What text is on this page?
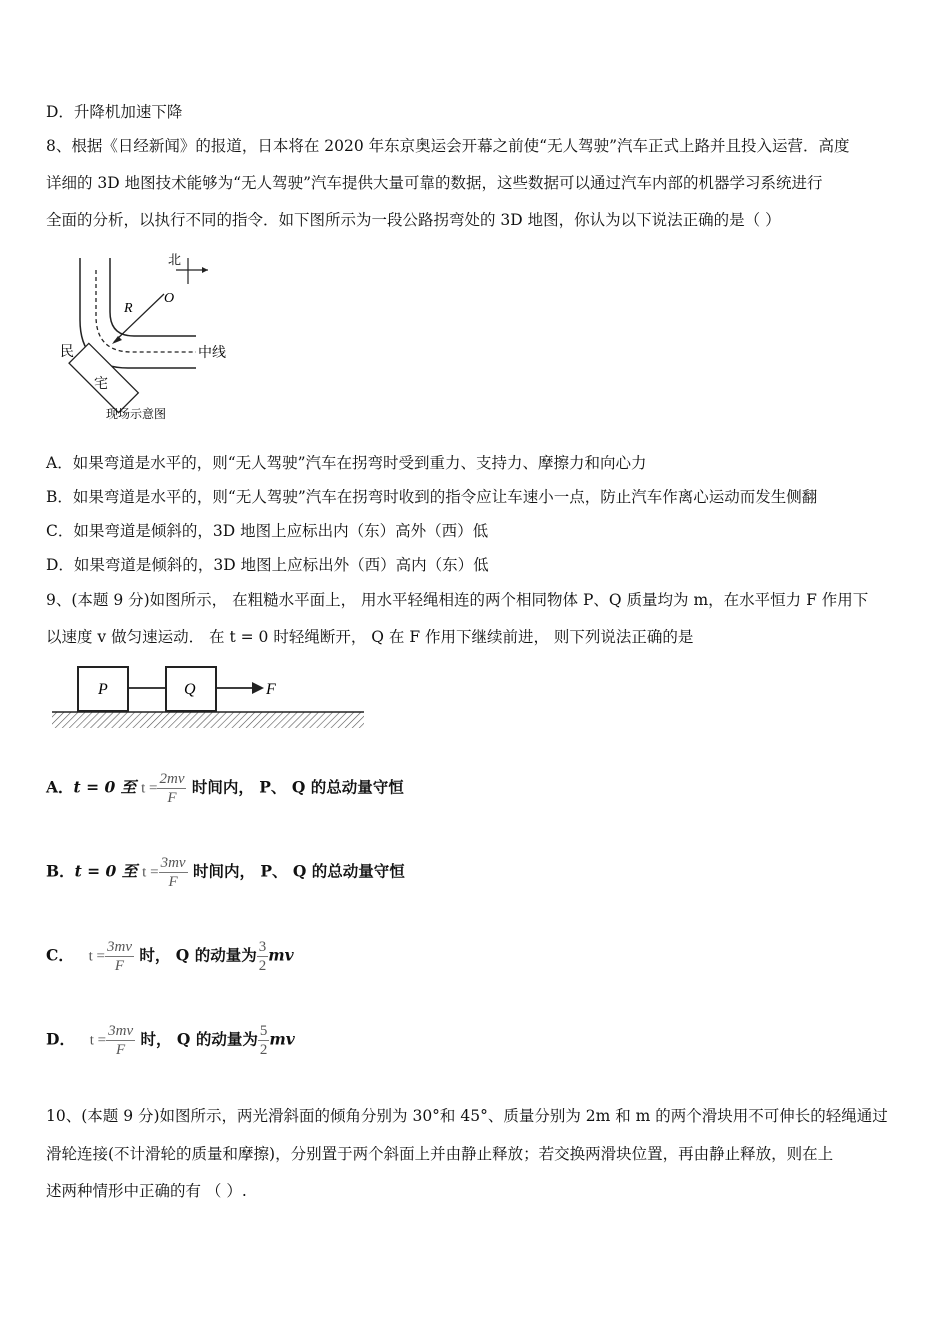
D．升降机加速下降
8、根据《日经新闻》的报道，日本将在 2020 年东京奥运会开幕之前使“无人驾驶”汽车正式上路并且投入运营．高度
详细的 3D 地图技术能够为“无人驾驶”汽车提供大量可靠的数据，这些数据可以通过汽车内部的机器学习系统进行
全面的分析，以执行不同的指令．如下图所示为一段公路拐弯处的 3D 地图，你认为以下说法正确的是（ ）
R
O
北
中线
民
宅
现场示意图
A．如果弯道是水平的，则“无人驾驶”汽车在拐弯时受到重力、支持力、摩擦力和向心力
B．如果弯道是水平的，则“无人驾驶”汽车在拐弯时收到的指令应让车速小一点，防止汽车作离心运动而发生侧翻
C．如果弯道是倾斜的，3D 地图上应标出内（东）高外（西）低
D．如果弯道是倾斜的，3D 地图上应标出外（西）高内（东）低
9、(本题 9 分)如图所示， 在粗糙水平面上， 用水平轻绳相连的两个相同物体 P、Q 质量均为 m，在水平恒力 F 作用下
以速度 v 做匀速运动． 在 t = 0 时轻绳断开， Q 在 F 作用下继续前进， 则下列说法正确的是
P	Q	F
A．t = 0 至 $t = \frac{2mv}{F}$ 时间内， P、 Q 的总动量守恒
B．t = 0 至 $t = \frac{3mv}{F}$ 时间内， P、 Q 的总动量守恒
C． $t = \frac{3mv}{F}$ 时， Q 的动量为 $\frac{3}{2}$ mv
D． $t = \frac{3mv}{F}$ 时， Q 的动量为 $\frac{5}{2}$ mv
10、(本题 9 分)如图所示，两光滑斜面的倾角分别为 30°和 45°、质量分别为 2m 和 m 的两个滑块用不可伸长的轻绳通过
滑轮连接(不计滑轮的质量和摩擦)，分别置于两个斜面上并由静止释放；若交换两滑块位置，再由静止释放，则在上
述两种情形中正确的有 （ ）.
